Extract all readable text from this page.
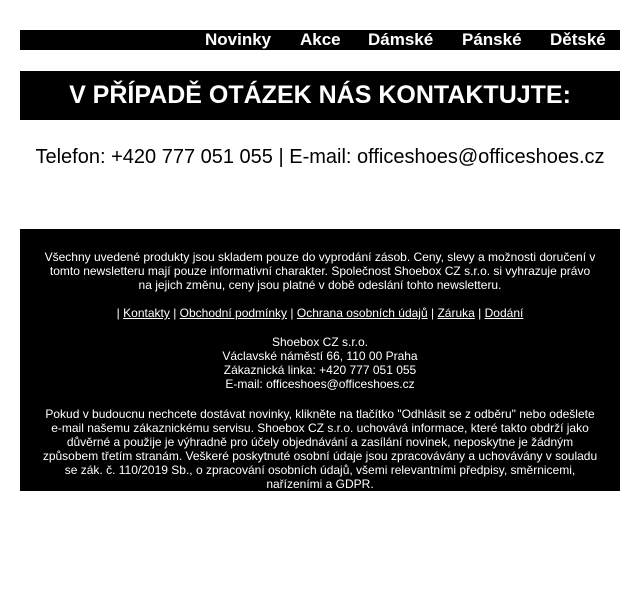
Novinky Akce Dámské Pánské Dětské
V PŘÍPADĚ OTÁZEK NÁS KONTAKTUJTE:
Telefon: +420 777 051 055 | E-mail: officeshoes@officeshoes.cz

Všechny uvedené produkty jsou skladem pouze do vyprodání zásob. Ceny, slevy a možnosti doručení v tomto newsletteru mají pouze informativní charakter. Společnost Shoebox CZ s.r.o. si vyhrazuje právo na jejich změnu, ceny jsou platné v době odeslání tohto newsletteru.

| Kontakty | Obchodní podmínky | Ochrana osobních údajů | Záruka | Dodání

Shoebox CZ s.r.o.
Václavské náměstí 66, 110 00 Praha
Zákaznická linka: +420 777 051 055
E-mail: officeshoes@officeshoes.cz

Pokud v budoucnu nechcete dostávat novinky, klikněte na tlačítko "Odhlásit se z odběru" nebo odešlete e-mail našemu zákaznickému servisu. Shoebox CZ s.r.o. uchovává informace, které takto obdrží jako důvěrné a použije je výhradně pro účely objednávání a zasílání novinek, neposkytne je žádným způsobem třetím stranám. Veškeré poskytnuté osobní údaje jsou zpracovávány a uchovávány v souladu se zák. č. 110/2019 Sb., o zpracování osobních údajů, všemi relevantními předpisy, směrnicemi, nařízeními a GDPR.
